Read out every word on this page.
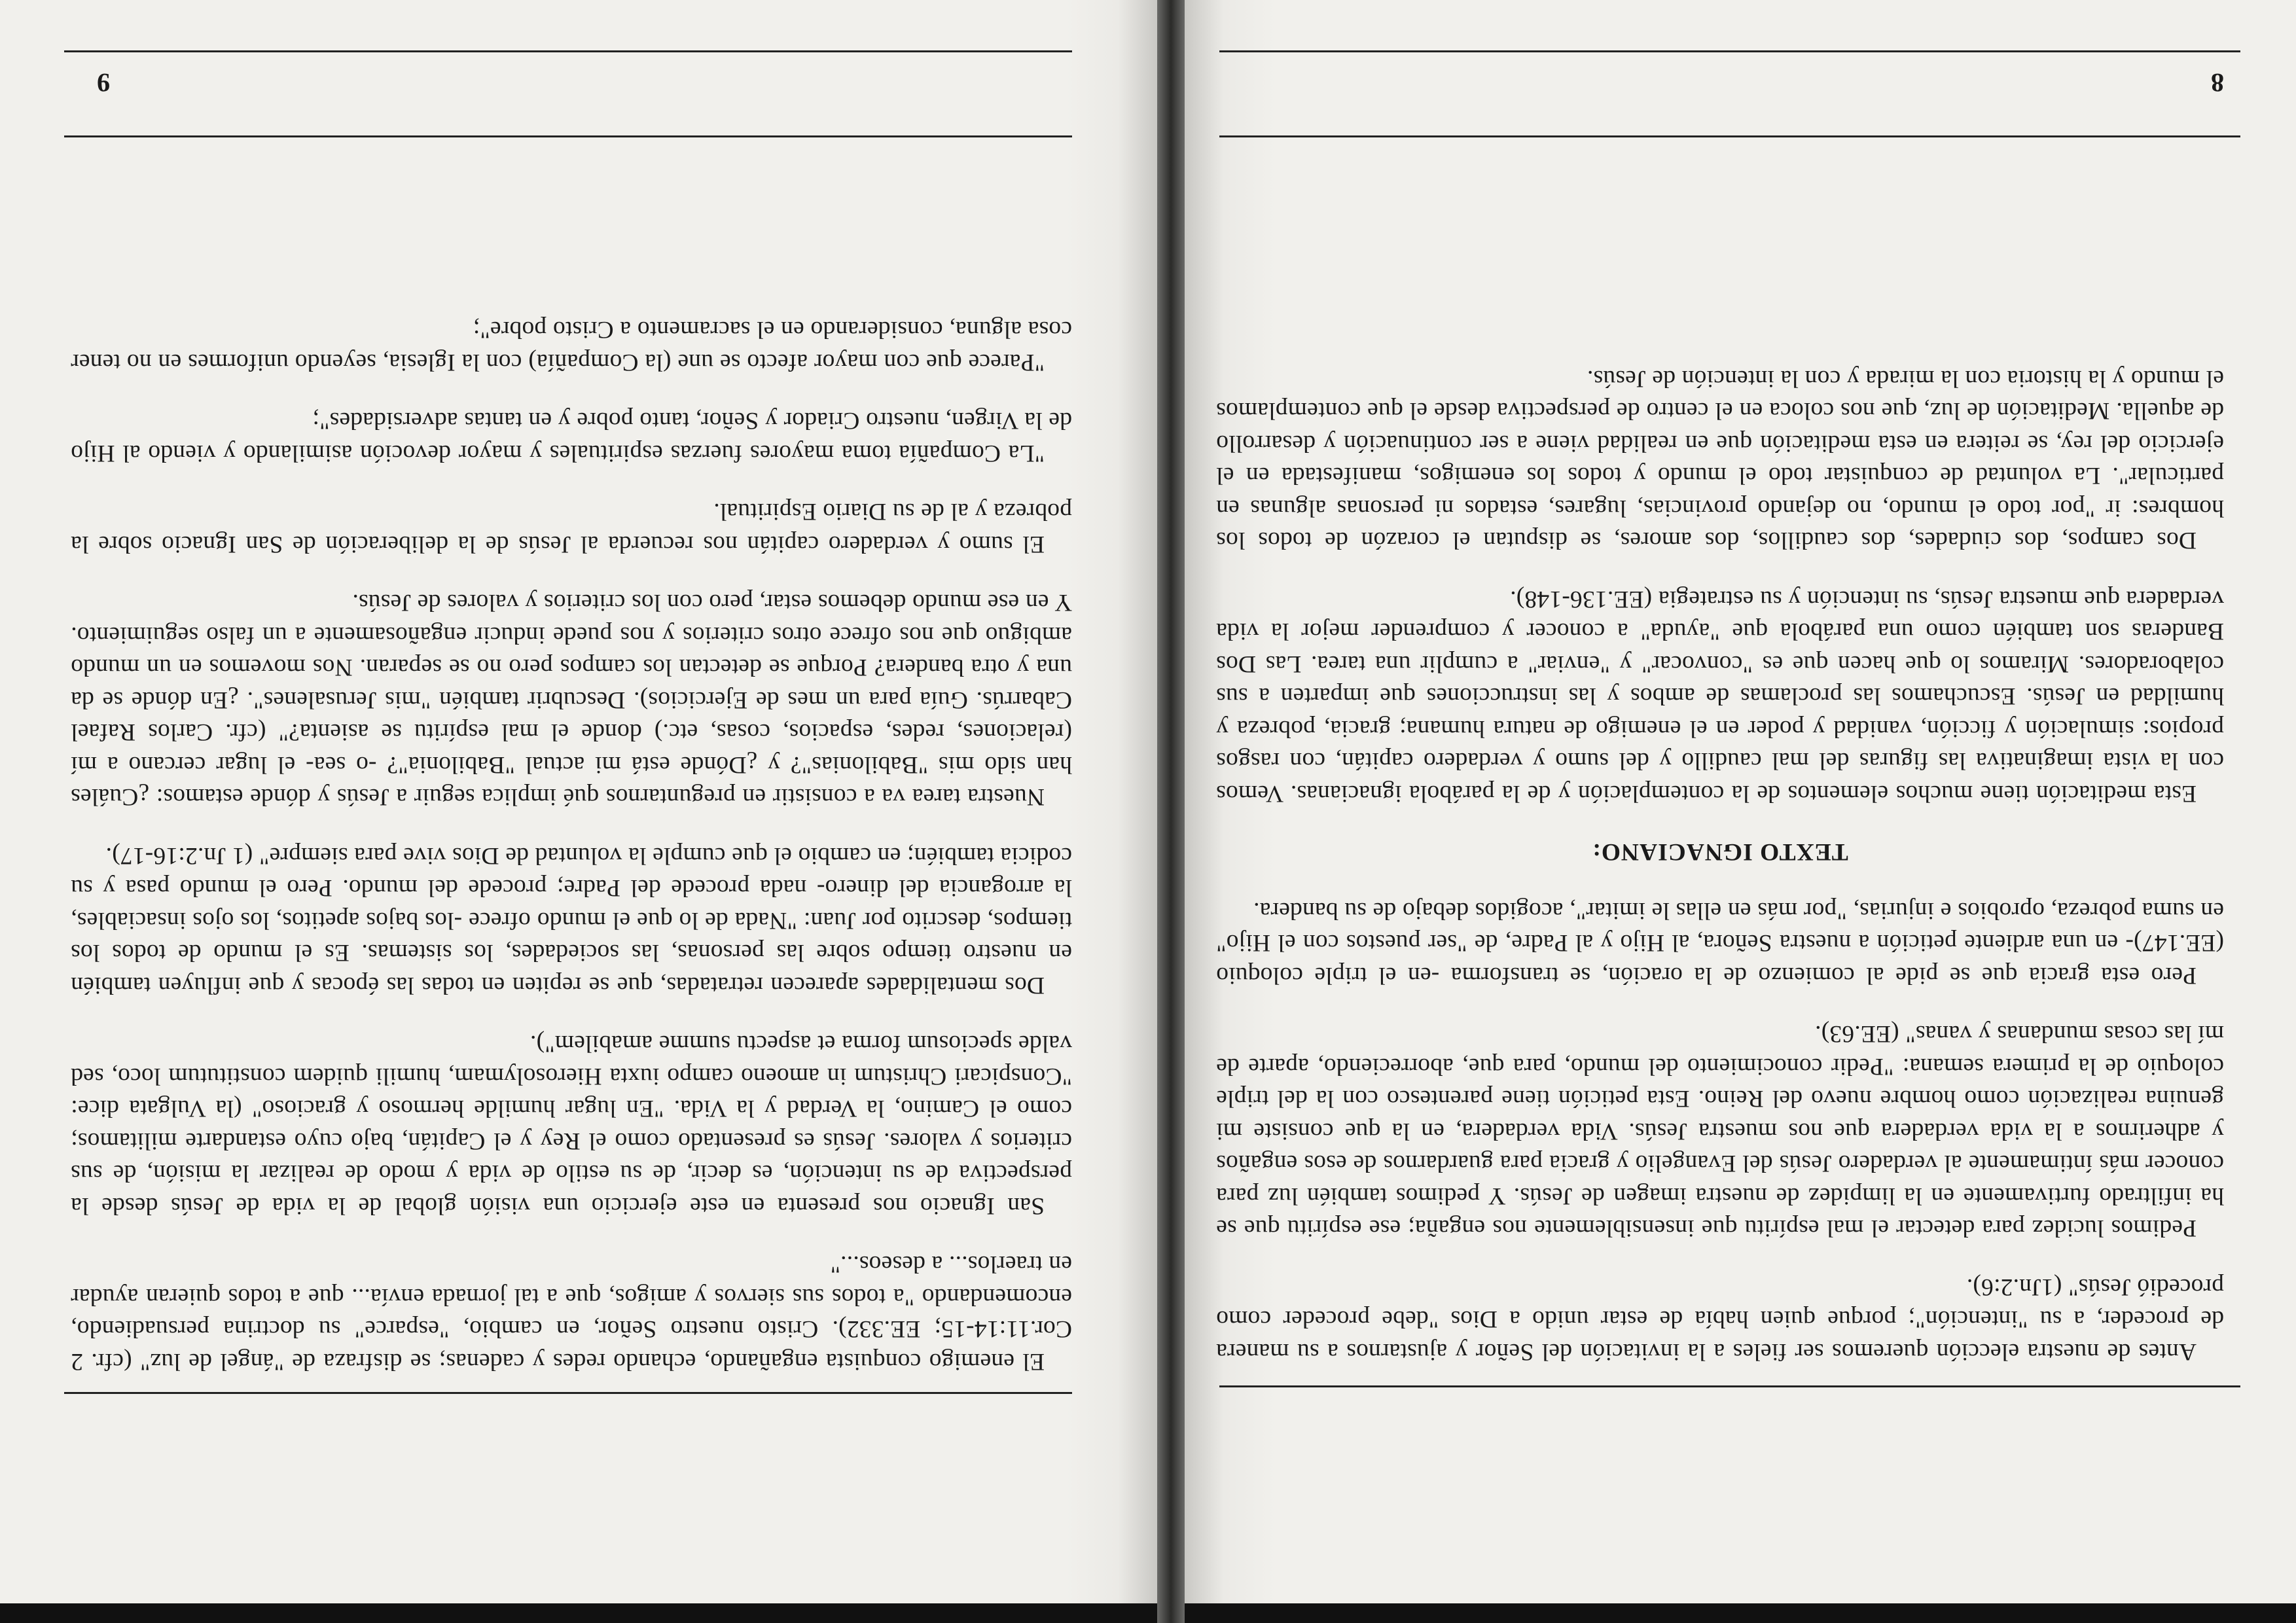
Antes de nuestra elección queremos ser fieles a la invitación del Señor y ajustarnos a su manera de proceder, a su "intención"; porque quien había de estar unido a Dios "debe proceder como procedió Jesús" (1Jn.2:6).

Pedimos lucidez para detectar el mal espíritu que insensiblemente nos engaña; ese espíritu que se ha infiltrado furtivamente en la limpidez de nuestra imagen de Jesús. Y pedimos también luz para conocer más íntimamente al verdadero Jesús del Evangelio y gracia para guardarnos de esos engaños y adherirnos a la vida verdadera que nos muestra Jesús. Vida verdadera, en la que consiste mi genuina realización como hombre nuevo del Reino. Esta petición tiene parentesco con la del triple coloquio de la primera semana: "Pedir conocimiento del mundo, para que, aborreciendo, aparte de mí las cosas mundanas y vanas" (EE.63).

Pero esta gracia que se pide al comienzo de la oración, se transforma -en el triple coloquio (EE.147)- en una ardiente petición a nuestra Señora, al Hijo y al Padre, de "ser puestos con el Hijo" en suma pobreza, oprobios e injurias, "por más en ellas le imitar", acogidos debajo de su bandera.

TEXTO IGNACIANO:

Esta meditación tiene muchos elementos de la contemplación y de la parábola ignacianas. Vemos con la vista imaginativa las figuras del mal caudillo y del sumo y verdadero capitán, con rasgos propios: simulación y ficción, vanidad y poder en el enemigo de natura humana; gracia, pobreza y humildad en Jesús. Escuchamos las proclamas de ambos y las instrucciones que imparten a sus colaboradores. Miramos lo que hacen que es "convocar" y "enviar" a cumplir una tarea. Las Dos Banderas son también como una parábola que "ayuda" a conocer y comprender mejor la vida verdadera que muestra Jesús, su intención y su estrategia (EE.136-148).

Dos campos, dos ciudades, dos caudillos, dos amores, se disputan el corazón de todos los hombres: ir "por todo el mundo, no dejando provincias, lugares, estados ni personas algunas en particular". La voluntad de conquistar todo el mundo y todos los enemigos, manifestada en el ejercicio del rey, se reitera en esta meditación que en realidad viene a ser continuación y desarrollo de aquella. Meditación de luz, que nos coloca en el centro de perspectiva desde el que contemplamos el mundo y la historia con la mirada y con la intención de Jesús.

8

El enemigo conquista engañando, echando redes y cadenas; se disfraza de "ángel de luz" (cfr. 2 Cor.11:14-15; EE.332). Cristo nuestro Señor, en cambio, "esparce" su doctrina persuadiendo, encomendando "a todos sus siervos y amigos, que a tal jornada envía... que a todos quieran ayudar en traerlos... a deseos..."

San Ignacio nos presenta en este ejercicio una visión global de la vida de Jesús desde la perspectiva de su intención, es decir, de su estilo de vida y modo de realizar la misión, de sus criterios y valores. Jesús es presentado como el Rey y el Capitán, bajo cuyo estandarte militamos; como el Camino, la Verdad y la Vida. "En lugar humilde hermoso y gracioso" (la Vulgata dice: "Conspicari Christum in amoeno campo iuxta Hierosolymam, humili quidem constitutum loco, sed valde speciosum forma et aspectu summe amabilem").

Dos mentalidades aparecen retratadas, que se repiten en todas las épocas y que influyen también en nuestro tiempo sobre las personas, las sociedades, los sistemas. Es el mundo de todos los tiempos, descrito por Juan: "Nada de lo que el mundo ofrece -los bajos apetitos, los ojos insaciables, la arrogancia del dinero- nada procede del Padre; procede del mundo. Pero el mundo pasa y su codicia también; en cambio el que cumple la voluntad de Dios vive para siempre" (1 Jn.2:16-17).

Nuestra tarea va a consistir en preguntarnos qué implica seguir a Jesús y dónde estamos: ¿Cuáles han sido mis "Babilonias"? y ¿Dónde está mi actual "Babilonia"? -o sea- el lugar cercano a mí (relaciones, redes, espacios, cosas, etc.) donde el mal espíritu se asienta?" (cfr. Carlos Rafael Cabarrús. Guía para un mes de Ejercicios). Descubrir también "mis Jerusalenes". ¿En dónde se da una y otra bandera? Porque se detectan los campos pero no se separan. Nos movemos en un mundo ambiguo que nos ofrece otros criterios y nos puede inducir engañosamente a un falso seguimiento. Y en ese mundo debemos estar, pero con los criterios y valores de Jesús.

El sumo y verdadero capitán nos recuerda al Jesús de la deliberación de San Ignacio sobre la pobreza y al de su Diario Espiritual.

"La Compañía toma mayores fuerzas espirituales y mayor devoción asimilando y viendo al Hijo de la Virgen, nuestro Criador y Señor, tanto pobre y en tantas adversidades";

"Parece que con mayor afecto se une (la Compañía) con la Iglesia, seyendo uniformes en no tener cosa alguna, considerando en el sacramento a Cristo pobre";

9
